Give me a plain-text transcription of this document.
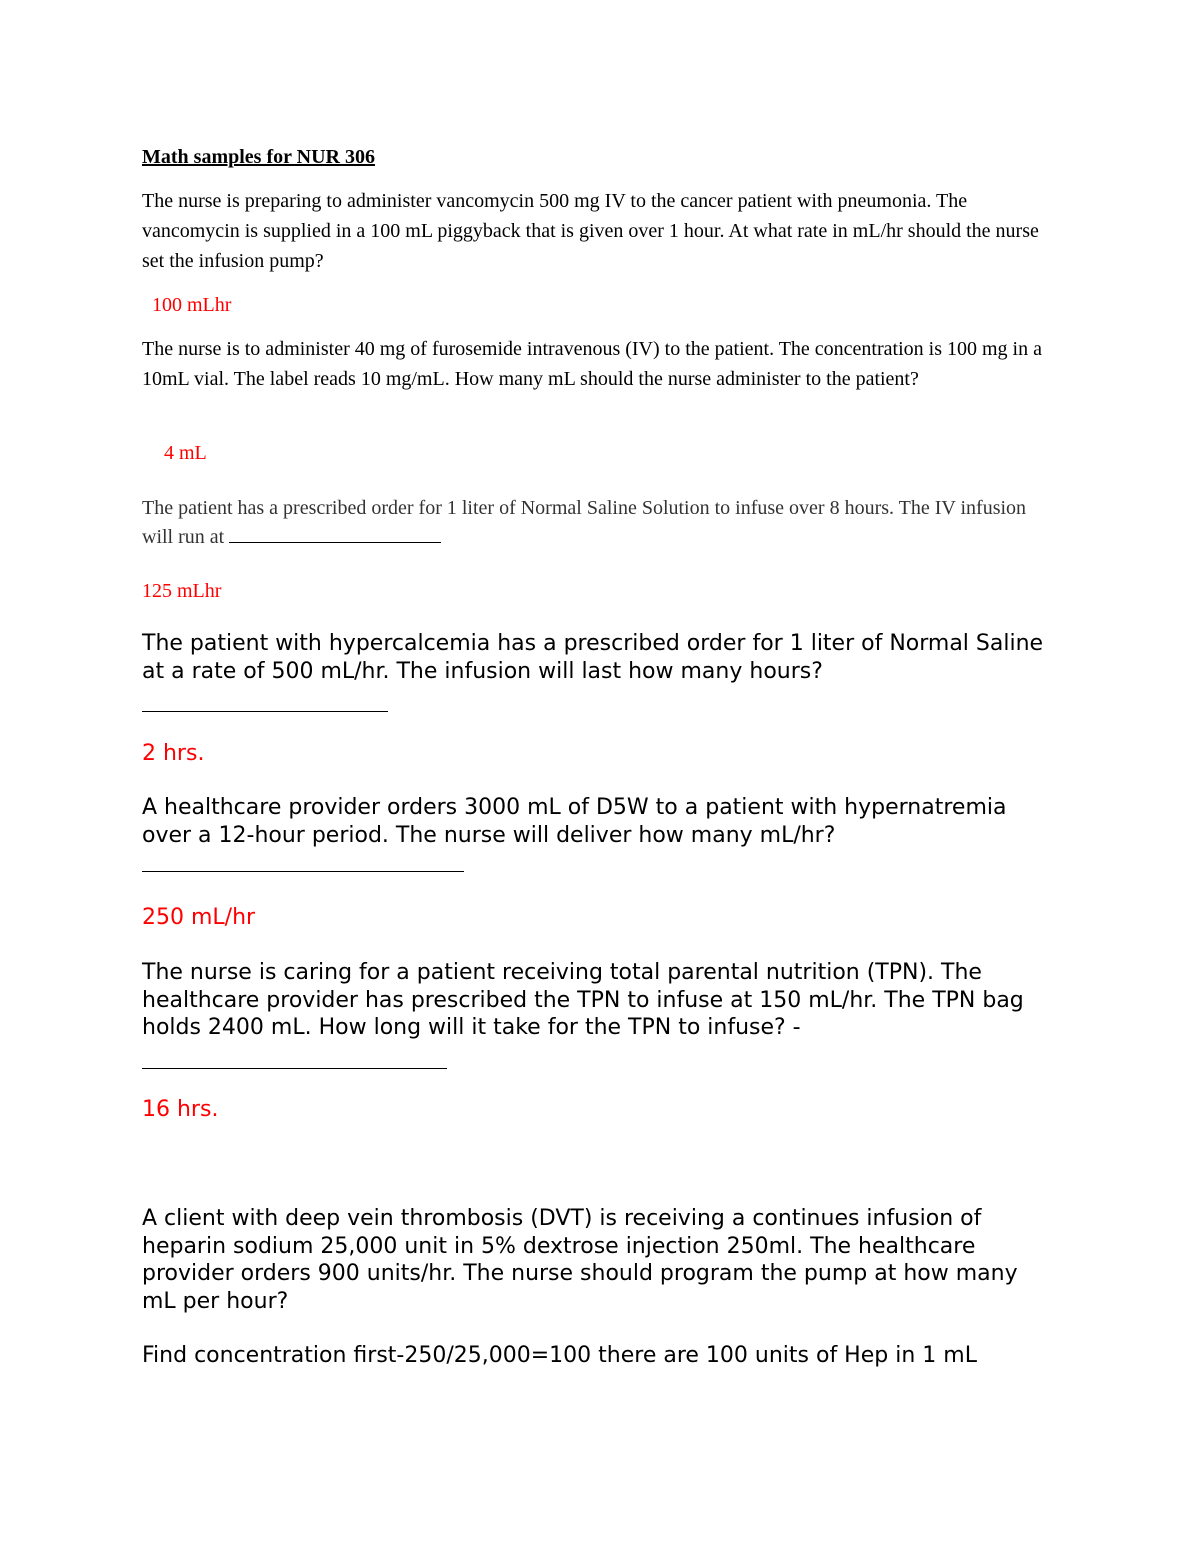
Math samples for NUR 306

The nurse is preparing to administer vancomycin 500 mg IV to the cancer patient with pneumonia. The vancomycin is supplied in a 100 mL piggyback that is given over 1 hour. At what rate in mL/hr should the nurse set the infusion pump?

100 mLhr

The nurse is to administer 40 mg of furosemide intravenous (IV) to the patient. The concentration is 100 mg in a 10mL vial. The label reads 10 mg/mL. How many mL should the nurse administer to the patient?

4 mL

The patient has a prescribed order for 1 liter of Normal Saline Solution to infuse over 8 hours. The IV infusion will run at

125 mLhr

The patient with hypercalcemia has a prescribed order for 1 liter of Normal Saline at a rate of 500 mL/hr. The infusion will last how many hours?

2 hrs.

A healthcare provider orders 3000 mL of D5W to a patient with hypernatremia over a 12-hour period. The nurse will deliver how many mL/hr?

250 mL/hr

The nurse is caring for a patient receiving total parental nutrition (TPN). The healthcare provider has prescribed the TPN to infuse at 150 mL/hr. The TPN bag holds 2400 mL. How long will it take for the TPN to infuse? -

16 hrs.

A client with deep vein thrombosis (DVT) is receiving a continues infusion of heparin sodium 25,000 unit in 5% dextrose injection 250ml. The healthcare provider orders 900 units/hr. The nurse should program the pump at how many mL per hour?

Find concentration first-250/25,000=100 there are 100 units of Hep in 1 mL
